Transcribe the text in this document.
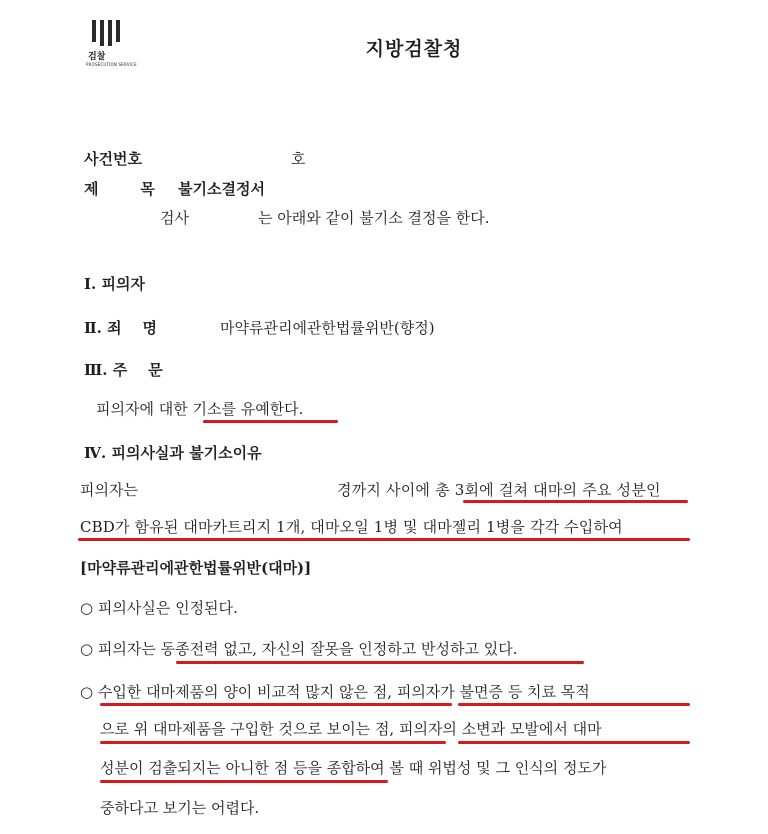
검찰
PROSECUTION SERVICE
지방검찰청
사건번호	호
제        목 불기소결정서
검사	는 아래와 같이 불기소 결정을 한다.
Ⅰ. 피의자
Ⅱ. 죄    명	마약류관리에관한법률위반(향정)
Ⅲ. 주    문
피의자에 대한 기소를 유예한다.
Ⅳ. 피의사실과 불기소이유
피의자는	경까지 사이에 총 3회에 걸쳐 대마의 주요 성분인
CBD가 함유된 대마카트리지 1개, 대마오일 1병 및 대마젤리 1병을 각각 수입하여
[마약류관리에관한법률위반(대마)]
○ 피의사실은 인정된다.
○ 피의자는 동종전력 없고, 자신의 잘못을 인정하고 반성하고 있다.
○ 수입한 대마제품의 양이 비교적 많지 않은 점, 피의자가 불면증 등 치료 목적
으로 위 대마제품을 구입한 것으로 보이는 점, 피의자의 소변과 모발에서 대마
성분이 검출되지는 아니한 점 등을 종합하여 볼 때 위법성 및 그 인식의 정도가
중하다고 보기는 어렵다.
